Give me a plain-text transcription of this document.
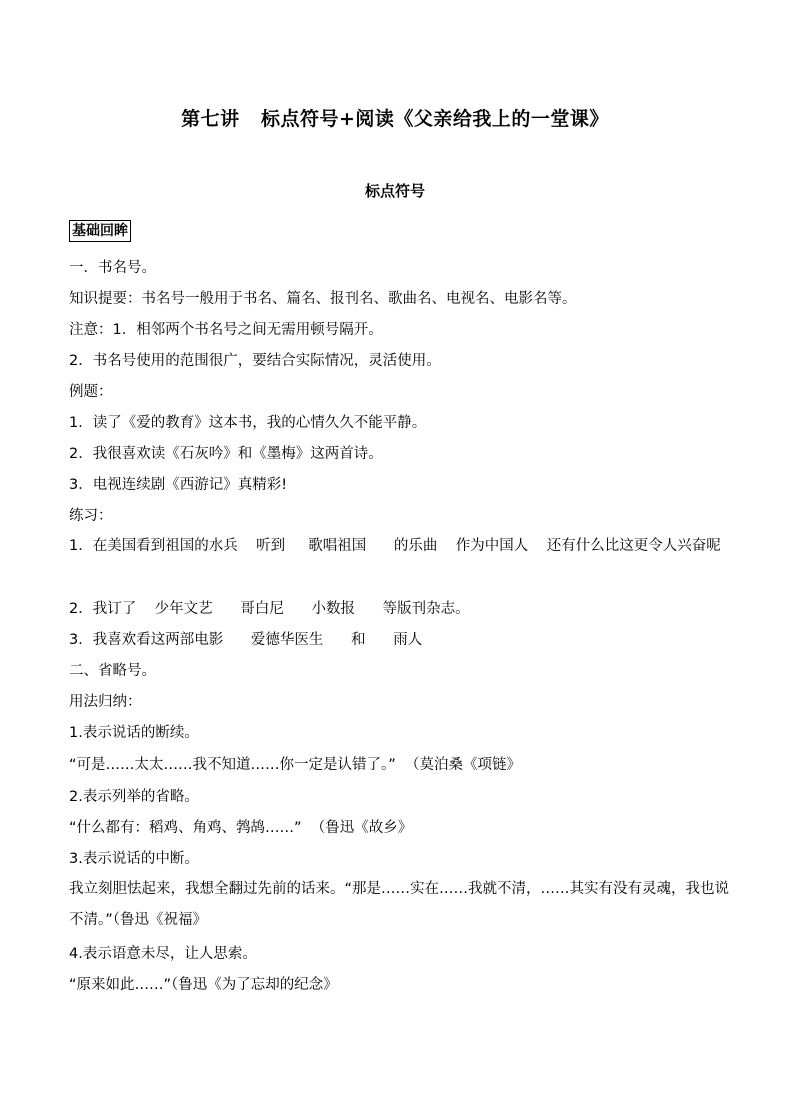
第七讲   标点符号+阅读《父亲给我上的一堂课》
标点符号
基础回眸
一．书名号。
知识提要：书名号一般用于书名、篇名、报刊名、歌曲名、电视名、电影名等。
注意：1．相邻两个书名号之间无需用顿号隔开。
2．书名号使用的范围很广，要结合实际情况，灵活使用。
例题：
1．读了《爱的教育》这本书，我的心情久久不能平静。
2．我很喜欢读《石灰吟》和《墨梅》这两首诗。
3．电视连续剧《西游记》真精彩!
练习：
1．在美国看到祖国的水兵    听到     歌唱祖国      的乐曲    作为中国人    还有什么比这更令人兴奋呢
2．我订了    少年文艺      哥白尼      小数报      等版刊杂志。
3．我喜欢看这两部电影      爱德华医生      和      雨人
二、省略号。
用法归纳：
1.表示说话的断续。
“可是……太太……我不知道……你一定是认错了。”  （莫泊桑《项链》
2.表示列举的省略。
“什么都有：稻鸡、角鸡、鹁鸪……”  （鲁迅《故乡》
3.表示说话的中断。
我立刻胆怯起来，我想全翻过先前的话来。“那是……实在……我就不清，……其实有没有灵魂，我也说不清。”（鲁迅《祝福》
4.表示语意未尽，让人思索。
“原来如此……”（鲁迅《为了忘却的纪念》
